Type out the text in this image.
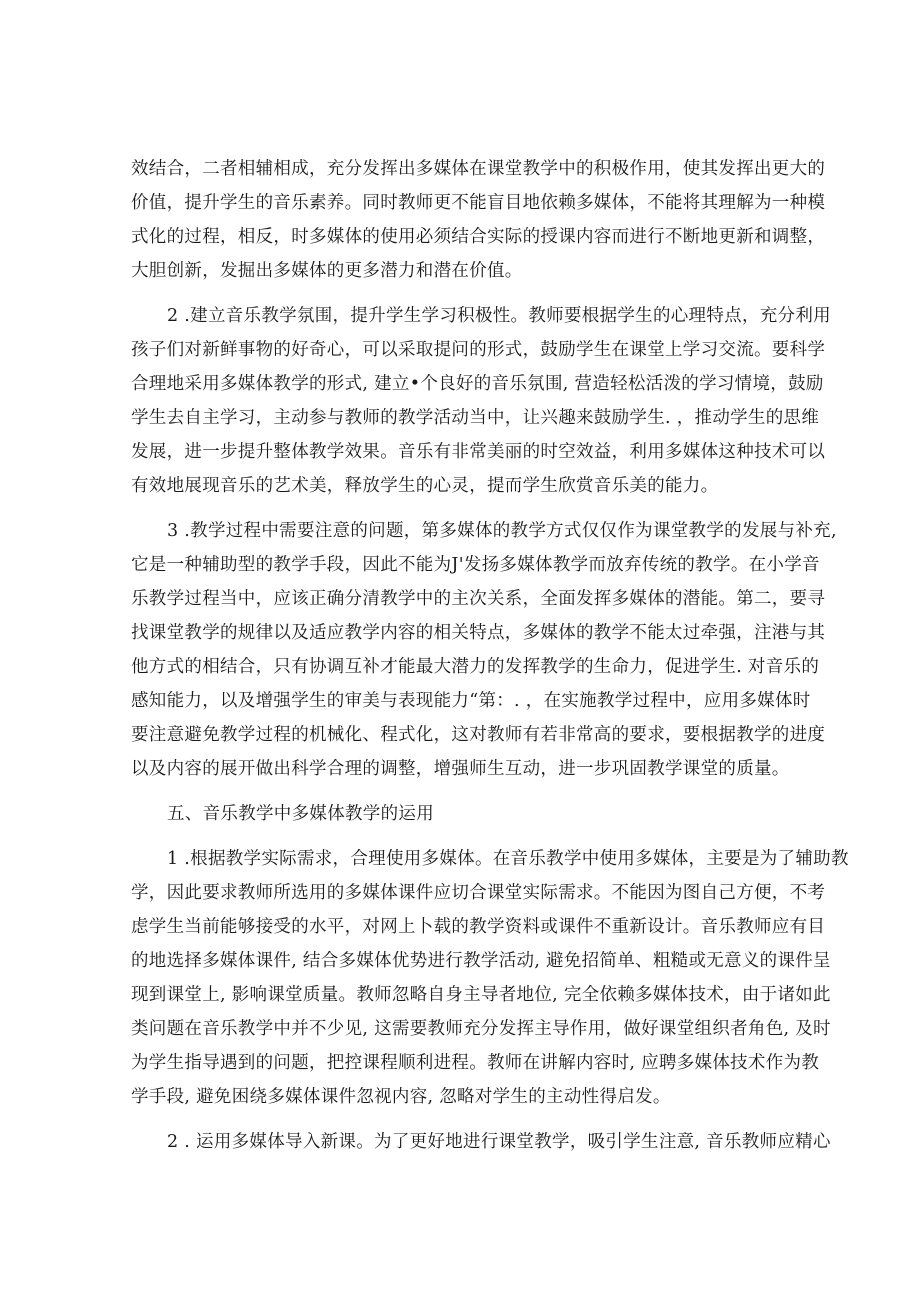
效结合，二者相辅相成，充分发挥出多媒体在课堂教学中的积极作用，使其发挥出更大的
价值，提升学生的音乐素养。同时教师更不能盲目地依赖多媒体，不能将其理解为一种模
式化的过程，相反，时多媒体的使用必须结合实际的授课内容而进行不断地更新和调整，
大胆创新，发掘出多媒体的更多潜力和潜在价值。
2 .建立音乐教学氛围，提升学生学习积极性。教师要根据学生的心理特点，充分利用
孩子们对新鲜事物的好奇心，可以采取提问的形式，鼓励学生在课堂上学习交流。要科学
合理地采用多媒体教学的形式, 建立•个良好的音乐氛围, 营造轻松活泼的学习情境，鼓励
学生去自主学习，主动参与教师的教学活动当中，让兴趣来鼓励学生. ，推动学生的思维
发展，进一步提升整体教学效果。音乐有非常美丽的时空效益，利用多媒体这种技术可以
有效地展现音乐的艺术美，释放学生的心灵，提而学生欣赏音乐美的能力。
3 .教学过程中需要注意的问题，第多媒体的教学方式仅仅作为课堂教学的发展与补充,
它是一种辅助型的教学手段，因此不能为J'发扬多媒体教学而放弃传统的教学。在小学音
乐教学过程当中，应该正确分清教学中的主次关系，全面发挥多媒体的潜能。第二，要寻
找课堂教学的规律以及适应教学内容的相关特点，多媒体的教学不能太过牵强，注港与其
他方式的相结合，只有协调互补才能最大潜力的发挥教学的生命力，促进学生. 对音乐的
感知能力，以及增强学生的审美与表现能力“第：. ，在实施教学过程中，应用多媒体时
要注意避免教学过程的机械化、程式化，这对教师有若非常高的要求，要根据教学的进度
以及内容的展开做出科学合理的调整，增强师生互动，进一步巩固教学课堂的质量。
五、音乐教学中多媒体教学的运用
1 .根据教学实际需求，合理使用多媒体。在音乐教学中使用多媒体，主要是为了辅助教
学，因此要求教师所选用的多媒体课件应切合课堂实际需求。不能因为图自己方便，不考
虑学生当前能够接受的水平，对网上卜载的教学资料或课件不重新设计。音乐教师应有目
的地选择多媒体课件, 结合多媒体优势进行教学活动, 避免招简单、粗糙或无意义的课件呈
现到课堂上, 影响课堂质量。教师忽略自身主导者地位, 完全依赖多媒体技术，由于诸如此
类问题在音乐教学中并不少见, 这需要教师充分发挥主导作用，做好课堂组织者角色, 及时
为学生指导遇到的问题，把控课程顺利进程。教师在讲解内容时, 应聘多媒体技术作为教
学手段, 避免困绕多媒体课件忽视内容, 忽略对学生的主动性得启发。
2 . 运用多媒体导入新课。为了更好地进行课堂教学，吸引学生注意, 音乐教师应精心
